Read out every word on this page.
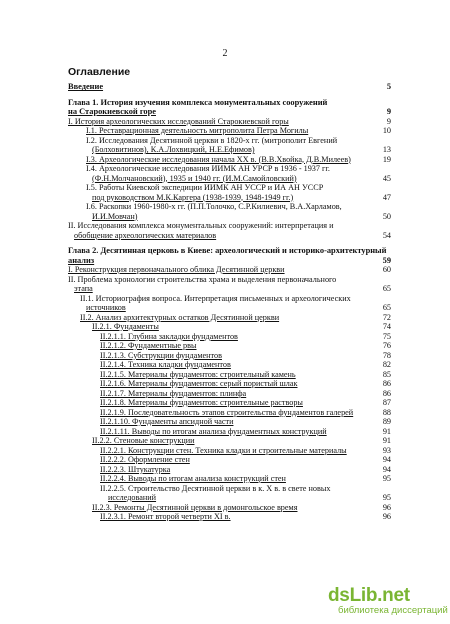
2
Оглавление
Введение	5
Глава 1. История изучения комплекса монументальных сооружений
на Старокиевской горе	9
I. История археологических исследований Старокиевской горы	9
I.1. Реставрационная деятельность митрополита Петра Могилы	10
I.2. Исследования Десятинной церкви в 1820-х гг. (митрополит Евгений
(Болховитинов), К.А.Лохвицкий, Н.Е.Ефимов)	13
I.3. Археологические исследования начала XX в. (В.В.Хвойка, Д.В.Милеев)	19
I.4. Археологические исследования ИИМК АН УРСР в 1936 - 1937 гг.
(Ф.Н.Молчановский), 1935 и 1940 гг. (И.М.Самойловский)	45
I.5. Работы Киевской экспедиции ИИМК АН УССР и ИА АН УССР
под руководством М.К.Каргера (1938-1939, 1948-1949 гг.)	47
I.6. Раскопки 1960-1980-х гг. (П.П.Толочко, С.Р.Килиевич, В.А.Харламов,
И.И.Мовчан)	50
II. Исследования комплекса монументальных сооружений: интерпретация и
обобщение археологических материалов	54
Глава 2. Десятинная церковь в Киеве: археологический и историко-архитектурный
анализ	59
I. Реконструкция первоначального облика Десятинной церкви	60
II. Проблема хронологии строительства храма и выделения первоначального
этапа	65
II.1. Историография вопроса. Интерпретация письменных и археологических
источников	65
II.2. Анализ архитектурных остатков Десятинной церкви	72
II.2.1. Фундаменты	74
II.2.1.1. Глубина закладки фундаментов	75
II.2.1.2. Фундаментные рвы	76
II.2.1.3. Субструкции фундаментов	78
II.2.1.4. Техника кладки фундаментов	82
II.2.1.5. Материалы фундаментов: строительный камень	85
II.2.1.6. Материалы фундаментов: серый пористый шлак	86
II.2.1.7. Материалы фундаментов: плинфа	86
II.2.1.8. Материалы фундаментов: строительные растворы	87
II.2.1.9. Последовательность этапов строительства фундаментов галерей	88
II.2.1.10. Фундаменты апсидной части	89
II.2.1.11. Выводы по итогам анализа фундаментных конструкций	91
II.2.2. Стеновые конструкции	91
II.2.2.1. Конструкции стен. Техника кладки и строительные материалы	93
II.2.2.2. Оформление стен	94
II.2.2.3. Штукатурка	94
II.2.2.4. Выводы по итогам анализа конструкций стен	95
II.2.2.5. Строительство Десятинной церкви в к. X в. в свете новых
исследований	95
II.2.3. Ремонты Десятинной церкви в домонгольское время	96
II.2.3.1. Ремонт второй четверти XI в.	96
dsLib.net
библиотека диссертаций
